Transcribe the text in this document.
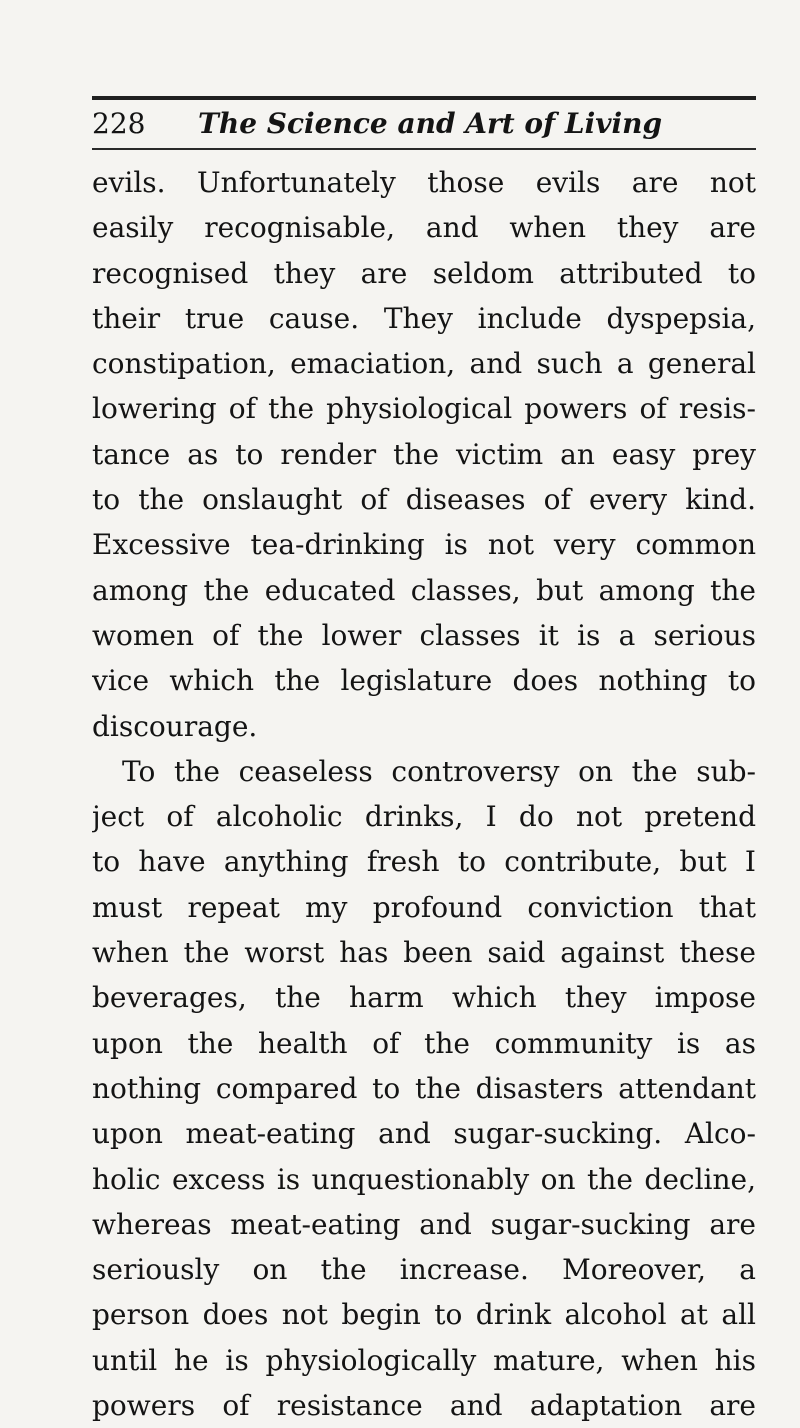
228 The Science and Art of Living
evils. Unfortunately those evils are not
easily recognisable, and when they are
recognised they are seldom attributed to
their true cause. They include dyspepsia,
constipation, emaciation, and such a general
lowering of the physiological powers of resis-
tance as to render the victim an easy prey
to the onslaught of diseases of every kind.
Excessive tea-drinking is not very common
among the educated classes, but among the
women of the lower classes it is a serious
vice which the legislature does nothing to
discourage.
To the ceaseless controversy on the sub-
ject of alcoholic drinks, I do not pretend
to have anything fresh to contribute, but I
must repeat my profound conviction that
when the worst has been said against these
beverages, the harm which they impose
upon the health of the community is as
nothing compared to the disasters attendant
upon meat-eating and sugar-sucking. Alco-
holic excess is unquestionably on the decline,
whereas meat-eating and sugar-sucking are
seriously on the increase. Moreover, a
person does not begin to drink alcohol at all
until he is physiologically mature, when his
powers of resistance and adaptation are
